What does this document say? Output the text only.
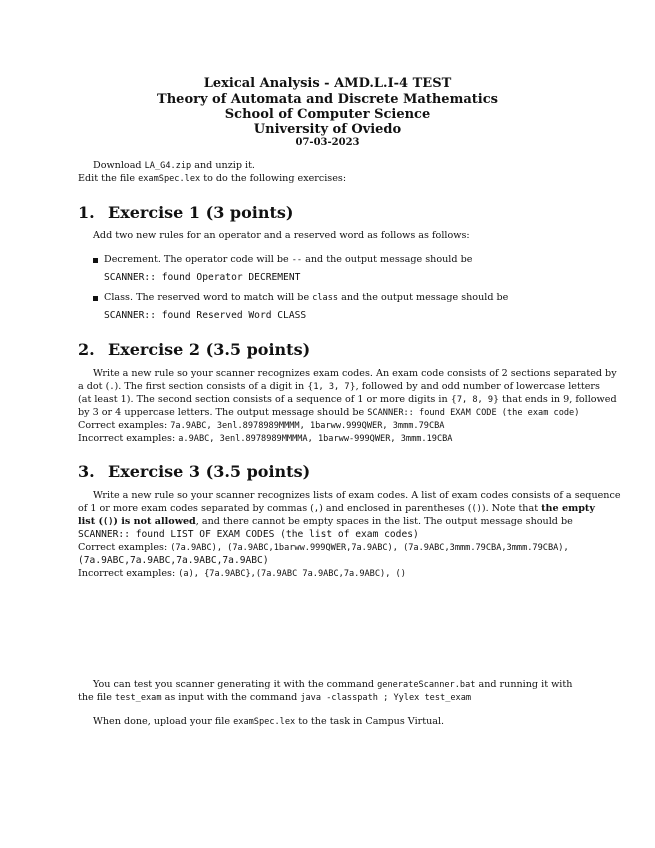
Lexical Analysis - AMD.L.I-4 TEST
Theory of Automata and Discrete Mathematics
School of Computer Science
University of Oviedo
07-03-2023
Download LA_G4.zip and unzip it.
Edit the file examSpec.lex to do the following exercises:
1. Exercise 1 (3 points)
Add two new rules for an operator and a reserved word as follows as follows:
Decrement. The operator code will be -- and the output message should be
SCANNER:: found Operator DECREMENT
Class. The reserved word to match will be class and the output message should be
SCANNER:: found Reserved Word CLASS
2. Exercise 2 (3.5 points)
Write a new rule so your scanner recognizes exam codes. An exam code consists of 2 sections separated by
a dot (.). The first section consists of a digit in {1, 3, 7}, followed by and odd number of lowercase letters
(at least 1). The second section consists of a sequence of 1 or more digits in {7, 8, 9} that ends in 9, followed
by 3 or 4 uppercase letters. The output message should be SCANNER:: found EXAM CODE (the exam code)
Correct examples: 7a.9ABC, 3enl.8978989MMMM, 1barww.999QWER, 3mmm.79CBA
Incorrect examples: a.9ABC, 3enl.8978989MMMMA, 1barww-999QWER, 3mmm.19CBA
3. Exercise 3 (3.5 points)
Write a new rule so your scanner recognizes lists of exam codes. A list of exam codes consists of a sequence
of 1 or more exam codes separated by commas (,) and enclosed in parentheses (()). Note that the empty
list (()) is not allowed, and there cannot be empty spaces in the list. The output message should be
SCANNER:: found LIST OF EXAM CODES (the list of exam codes)
Correct examples: (7a.9ABC), (7a.9ABC,1barww.999QWER,7a.9ABC), (7a.9ABC,3mmm.79CBA,3mmm.79CBA),
(7a.9ABC,7a.9ABC,7a.9ABC,7a.9ABC)
Incorrect examples: (a), {7a.9ABC},(7a.9ABC 7a.9ABC,7a.9ABC), ()
You can test you scanner generating it with the command generateScanner.bat and running it with
the file test_exam as input with the command java -classpath ; Yylex test_exam
When done, upload your file examSpec.lex to the task in Campus Virtual.
